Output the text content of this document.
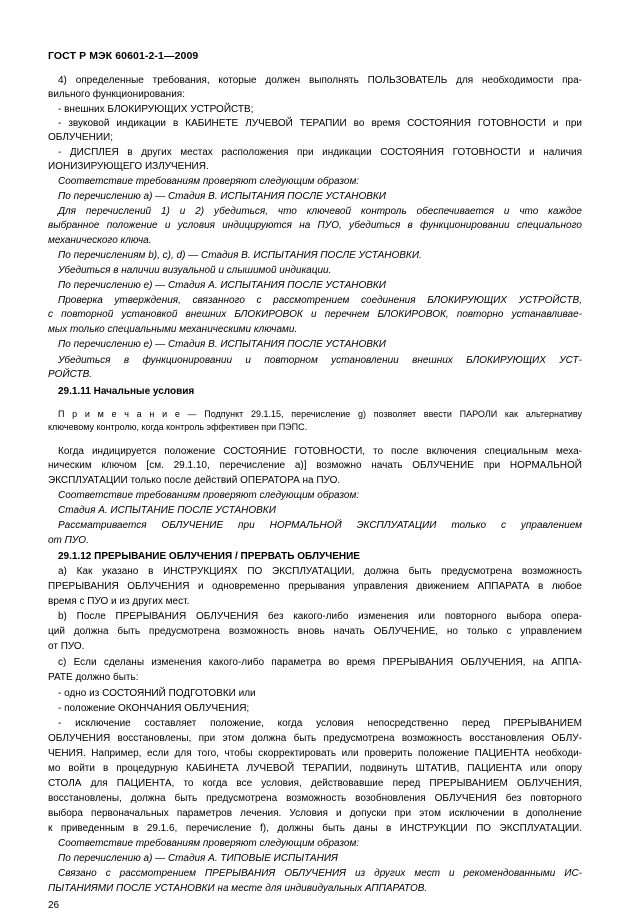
ГОСТ Р МЭК 60601-2-1—2009
4) определенные требования, которые должен выполнять ПОЛЬЗОВАТЕЛЬ для необходимости пра-
вильного функционирования:
- внешних БЛОКИРУЮЩИХ УСТРОЙСТВ;
- звуковой индикации в КАБИНЕТЕ ЛУЧЕВОЙ ТЕРАПИИ во время СОСТОЯНИЯ ГОТОВНОСТИ и при
ОБЛУЧЕНИИ;
- ДИСПЛЕЯ в других местах расположения при индикации СОСТОЯНИЯ ГОТОВНОСТИ и наличия
ИОНИЗИРУЮЩЕГО ИЗЛУЧЕНИЯ.
Соответствие требованиям проверяют следующим образом:
По перечислению а) — Стадия В. ИСПЫТАНИЯ ПОСЛЕ УСТАНОВКИ
Для перечислений 1) и 2) убедиться, что ключевой контроль обеспечивается и что каждое
выбранное положение и условия индицируются на ПУО, убедиться в функционировании специального
механического ключа.
По перечислениям b), c), d) — Стадия В. ИСПЫТАНИЯ ПОСЛЕ УСТАНОВКИ.
Убедиться в наличии визуальной и слышимой индикации.
По перечислению е) — Стадия А. ИСПЫТАНИЯ ПОСЛЕ УСТАНОВКИ
Проверка утверждения, связанного с рассмотрением соединения БЛОКИРУЮЩИХ УСТРОЙСТВ,
с повторной установкой внешних БЛОКИРОВОК и перечнем БЛОКИРОВОК, повторно устанавливае-
мых только специальными механическими ключами.
По перечислению е) — Стадия В. ИСПЫТАНИЯ ПОСЛЕ УСТАНОВКИ
Убедиться в функционировании и повторном установлении внешних БЛОКИРУЮЩИХ УСТ-
РОЙСТВ.
29.1.11 Начальные условия
П р и м е ч а н и е — Подпункт 29.1.15, перечисление g) позволяет ввести ПАРОЛИ как альтернативу
ключевому контролю, когда контроль эффективен при ПЭПС.
Когда индицируется положение СОСТОЯНИЕ ГОТОВНОСТИ, то после включения специальным меха-
ническим ключом [см. 29.1.10, перечисление а)] возможно начать ОБЛУЧЕНИЕ при НОРМАЛЬНОЙ
ЭКСПЛУАТАЦИИ только после действий ОПЕРАТОРА на ПУО.
Соответствие требованиям проверяют следующим образом:
Стадия А. ИСПЫТАНИЕ ПОСЛЕ УСТАНОВКИ
Рассматривается ОБЛУЧЕНИЕ при НОРМАЛЬНОЙ ЭКСПЛУАТАЦИИ только с управлением
от ПУО.
29.1.12 ПРЕРЫВАНИЕ ОБЛУЧЕНИЯ / ПРЕРВАТЬ ОБЛУЧЕНИЕ
а) Как указано в ИНСТРУКЦИЯХ ПО ЭКСПЛУАТАЦИИ, должна быть предусмотрена возможность
ПРЕРЫВАНИЯ ОБЛУЧЕНИЯ и одновременно прерывания управления движением АППАРАТА в любое
время с ПУО и из других мест.
b) После ПРЕРЫВАНИЯ ОБЛУЧЕНИЯ без какого-либо изменения или повторного выбора опера-
ций должна быть предусмотрена возможность вновь начать ОБЛУЧЕНИЕ, но только с управлением
от ПУО.
c) Если сделаны изменения какого-либо параметра во время ПРЕРЫВАНИЯ ОБЛУЧЕНИЯ, на АППА-
РАТЕ должно быть:
- одно из СОСТОЯНИЙ ПОДГОТОВКИ или
- положение ОКОНЧАНИЯ ОБЛУЧЕНИЯ;
- исключение составляет положение, когда условия непосредственно перед ПРЕРЫВАНИЕМ
ОБЛУЧЕНИЯ восстановлены, при этом должна быть предусмотрена возможность восстановления ОБЛУ-
ЧЕНИЯ. Например, если для того, чтобы скорректировать или проверить положение ПАЦИЕНТА необходи-
мо войти в процедурную КАБИНЕТА ЛУЧЕВОЙ ТЕРАПИИ, подвинуть ШТАТИВ, ПАЦИЕНТА или опору
СТОЛА для ПАЦИЕНТА, то когда все условия, действовавшие перед ПРЕРЫВАНИЕМ ОБЛУЧЕНИЯ,
восстановлены, должна быть предусмотрена возможность возобновления ОБЛУЧЕНИЯ без повторного
выбора первоначальных параметров лечения. Условия и допуски при этом исключении в дополнение
к приведенным в 29.1.6, перечисление f), должны быть даны в ИНСТРУКЦИИ ПО ЭКСПЛУАТАЦИИ.
Соответствие требованиям проверяют следующим образом:
По перечислению а) — Стадия А. ТИПОВЫЕ ИСПЫТАНИЯ
Связано с рассмотрением ПРЕРЫВАНИЯ ОБЛУЧЕНИЯ из других мест и рекомендованными ИС-
ПЫТАНИЯМИ ПОСЛЕ УСТАНОВКИ на месте для индивидуальных АППАРАТОВ.
26
